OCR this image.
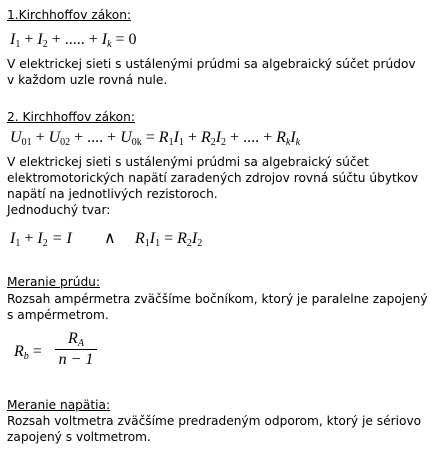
1.Kirchhoffov zákon:
$I_1 + I_2$ + ..... + $I_k = 0$
V elektrickej sieti s ustálenými prúdmi sa algebraický súčet prúdov
v každom uzle rovná nule.
2. Kirchhoffov zákon:
$U_{01} + U_{02}$ + .... + $U_{0k} = R_1I_1 + R_2I_2$ + .... + $R_kI_k$
V elektrickej sieti s ustálenými prúdmi sa algebraický súčet
elektromotorických napätí zaradených zdrojov rovná súčtu úbytkov
napätí na jednotlivých rezistoroch.
Jednoduchý tvar:
$I_1 + I_2 = I$ ∧ $R_1I_1 = R_2I_2$
Meranie prúdu:
Rozsah ampérmetra zväčšíme bočníkom, ktorý je paralelne zapojený
s ampérmetrom.
$R_b$ =
$R_A$
n − 1
Meranie napätia:
Rozsah voltmetra zväčšíme predradeným odporom, ktorý je sériovo
zapojený s voltmetrom.
